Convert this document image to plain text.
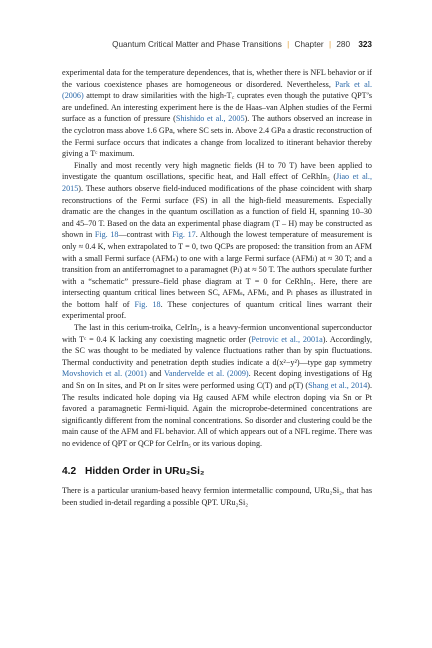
Quantum Critical Matter and Phase Transitions | Chapter | 280 323

experimental data for the temperature dependences, that is, whether there is NFL behavior or if the various coexistence phases are homogeneous or disordered. Nevertheless, Park et al. (2006) attempt to draw similarities with the high-T꜀ cuprates even though the putative QPT’s are undefined. An interesting experiment here is the de Haas–van Alphen studies of the Fermi surface as a function of pressure (Shishido et al., 2005). The authors observed an increase in the cyclotron mass above 1.6 GPa, where SC sets in. Above 2.4 GPa a drastic reconstruction of the Fermi surface occurs that indicates a change from localized to itinerant behavior thereby giving a Tᶜ maximum.

Finally and most recently very high magnetic fields (H to 70 T) have been applied to investigate the quantum oscillations, specific heat, and Hall effect of CeRhIn₅ (Jiao et al., 2015). These authors observe field-induced modifications of the phase coincident with sharp reconstructions of the Fermi surface (FS) in all the high-field measurements. Especially dramatic are the changes in the quantum oscillation as a function of field H, spanning 10–30 and 45–70 T. Based on the data an experimental phase diagram (T – H) may be constructed as shown in Fig. 18—contrast with Fig. 17. Although the lowest temperature of measurement is only ≈ 0.4 K, when extrapolated to T = 0, two QCPs are proposed: the transition from an AFM with a small Fermi surface (AFMₛ) to one with a large Fermi surface (AFMₗ) at ≈ 30 T; and a transition from an antiferromagnet to a paramagnet (Pₗ) at ≈ 50 T. The authors speculate further with a “schematic” pressure–field phase diagram at T = 0 for CeRhIn₅. Here, there are intersecting quantum critical lines between SC, AFMₛ, AFMₗ, and Pₗ phases as illustrated in the bottom half of Fig. 18. These conjectures of quantum critical lines warrant their experimental proof.

The last in this cerium-troika, CeIrIn₅, is a heavy-fermion unconventional superconductor with Tᶜ = 0.4 K lacking any coexisting magnetic order (Petrovic et al., 2001a). Accordingly, the SC was thought to be mediated by valence fluctuations rather than by spin fluctuations. Thermal conductivity and penetration depth studies indicate a d(x²−y²)—type gap symmetry Movshovich et al. (2001) and Vandervelde et al. (2009). Recent doping investigations of Hg and Sn on In sites, and Pt on Ir sites were performed using C(T) and ρ(T) (Shang et al., 2014). The results indicated hole doping via Hg caused AFM while electron doping via Sn or Pt favored a paramagnetic Fermi-liquid. Again the microprobe-determined concentrations are significantly different from the nominal concentrations. So disorder and clustering could be the main cause of the AFM and FL behavior. All of which appears out of a NFL regime. There was no evidence of QPT or QCP for CeIrIn₅ or its various doping.

4.2 Hidden Order in URu₂Si₂

There is a particular uranium-based heavy fermion intermetallic compound, URu₂Si₂, that has been studied in-detail regarding a possible QPT. URu₂Si₂
